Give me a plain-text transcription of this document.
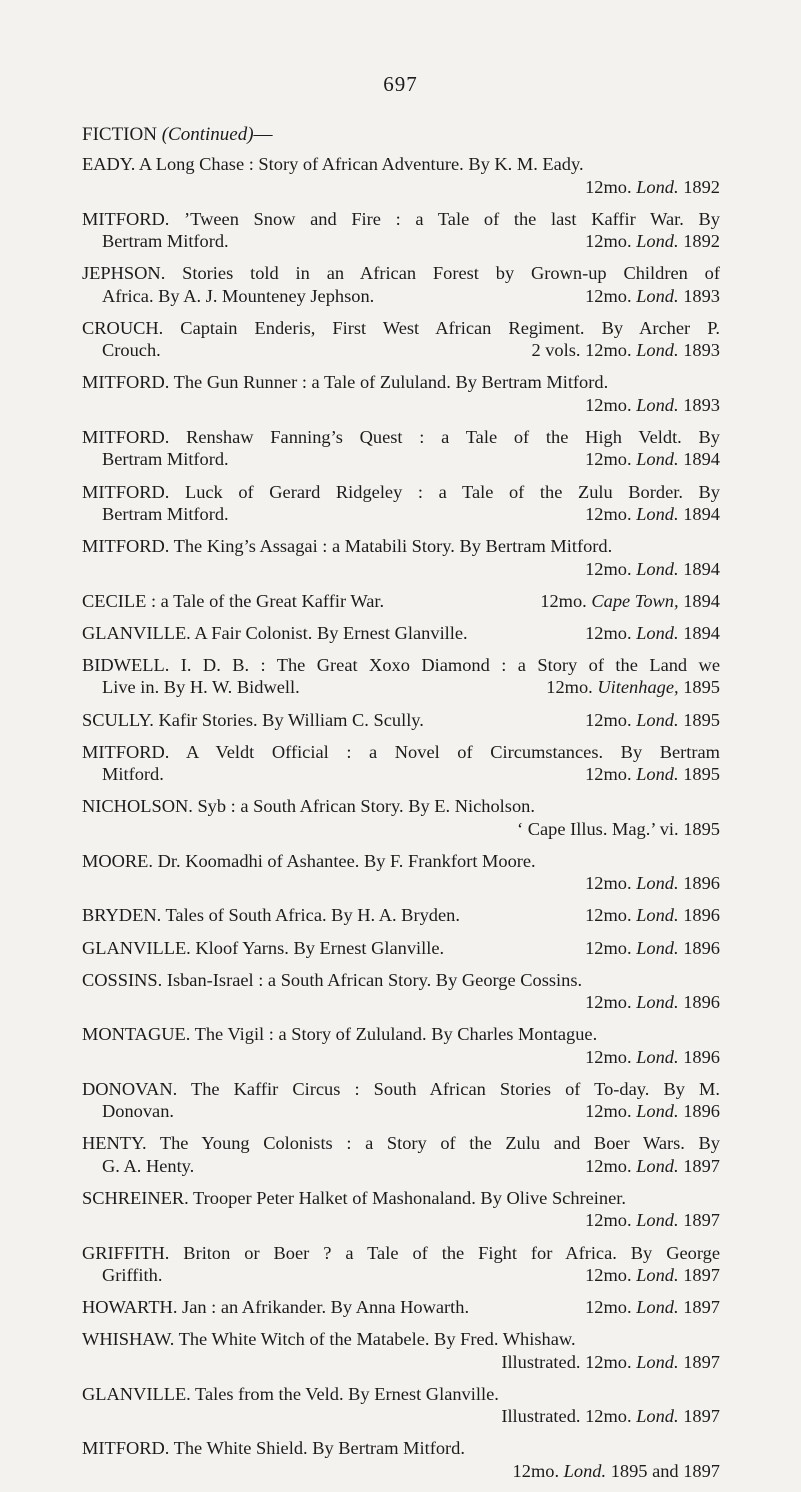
697
FICTION (Continued)—
EADY. A Long Chase : Story of African Adventure. By K. M. Eady.
12mo. Lond. 1892
MITFORD. ’Tween Snow and Fire : a Tale of the last Kaffir War. By
Bertram Mitford.	12mo. Lond. 1892
JEPHSON. Stories told in an African Forest by Grown-up Children of
Africa. By A. J. Mounteney Jephson.	12mo. Lond. 1893
CROUCH. Captain Enderis, First West African Regiment. By Archer P.
Crouch.	2 vols. 12mo. Lond. 1893
MITFORD. The Gun Runner : a Tale of Zululand. By Bertram Mitford.
12mo. Lond. 1893
MITFORD. Renshaw Fanning’s Quest : a Tale of the High Veldt. By
Bertram Mitford.	12mo. Lond. 1894
MITFORD. Luck of Gerard Ridgeley : a Tale of the Zulu Border. By
Bertram Mitford.	12mo. Lond. 1894
MITFORD. The King’s Assagai : a Matabili Story. By Bertram Mitford.
12mo. Lond. 1894
CECILE : a Tale of the Great Kaffir War.	12mo. Cape Town, 1894
GLANVILLE. A Fair Colonist. By Ernest Glanville.	12mo. Lond. 1894
BIDWELL. I. D. B. : The Great Xoxo Diamond : a Story of the Land we
Live in. By H. W. Bidwell.	12mo. Uitenhage, 1895
SCULLY. Kafir Stories. By William C. Scully.	12mo. Lond. 1895
MITFORD. A Veldt Official : a Novel of Circumstances. By Bertram
Mitford.	12mo. Lond. 1895
NICHOLSON. Syb : a South African Story. By E. Nicholson.
‘ Cape Illus. Mag.’ vi. 1895
MOORE. Dr. Koomadhi of Ashantee. By F. Frankfort Moore.
12mo. Lond. 1896
BRYDEN. Tales of South Africa. By H. A. Bryden.	12mo. Lond. 1896
GLANVILLE. Kloof Yarns. By Ernest Glanville.	12mo. Lond. 1896
COSSINS. Isban-Israel : a South African Story. By George Cossins.
12mo. Lond. 1896
MONTAGUE. The Vigil : a Story of Zululand. By Charles Montague.
12mo. Lond. 1896
DONOVAN. The Kaffir Circus : South African Stories of To-day. By M.
Donovan.	12mo. Lond. 1896
HENTY. The Young Colonists : a Story of the Zulu and Boer Wars. By
G. A. Henty.	12mo. Lond. 1897
SCHREINER. Trooper Peter Halket of Mashonaland. By Olive Schreiner.
12mo. Lond. 1897
GRIFFITH. Briton or Boer ? a Tale of the Fight for Africa. By George
Griffith.	12mo. Lond. 1897
HOWARTH. Jan : an Afrikander. By Anna Howarth.	12mo. Lond. 1897
WHISHAW. The White Witch of the Matabele. By Fred. Whishaw.
Illustrated. 12mo. Lond. 1897
GLANVILLE. Tales from the Veld. By Ernest Glanville.
Illustrated. 12mo. Lond. 1897
MITFORD. The White Shield. By Bertram Mitford.
12mo. Lond. 1895 and 1897
